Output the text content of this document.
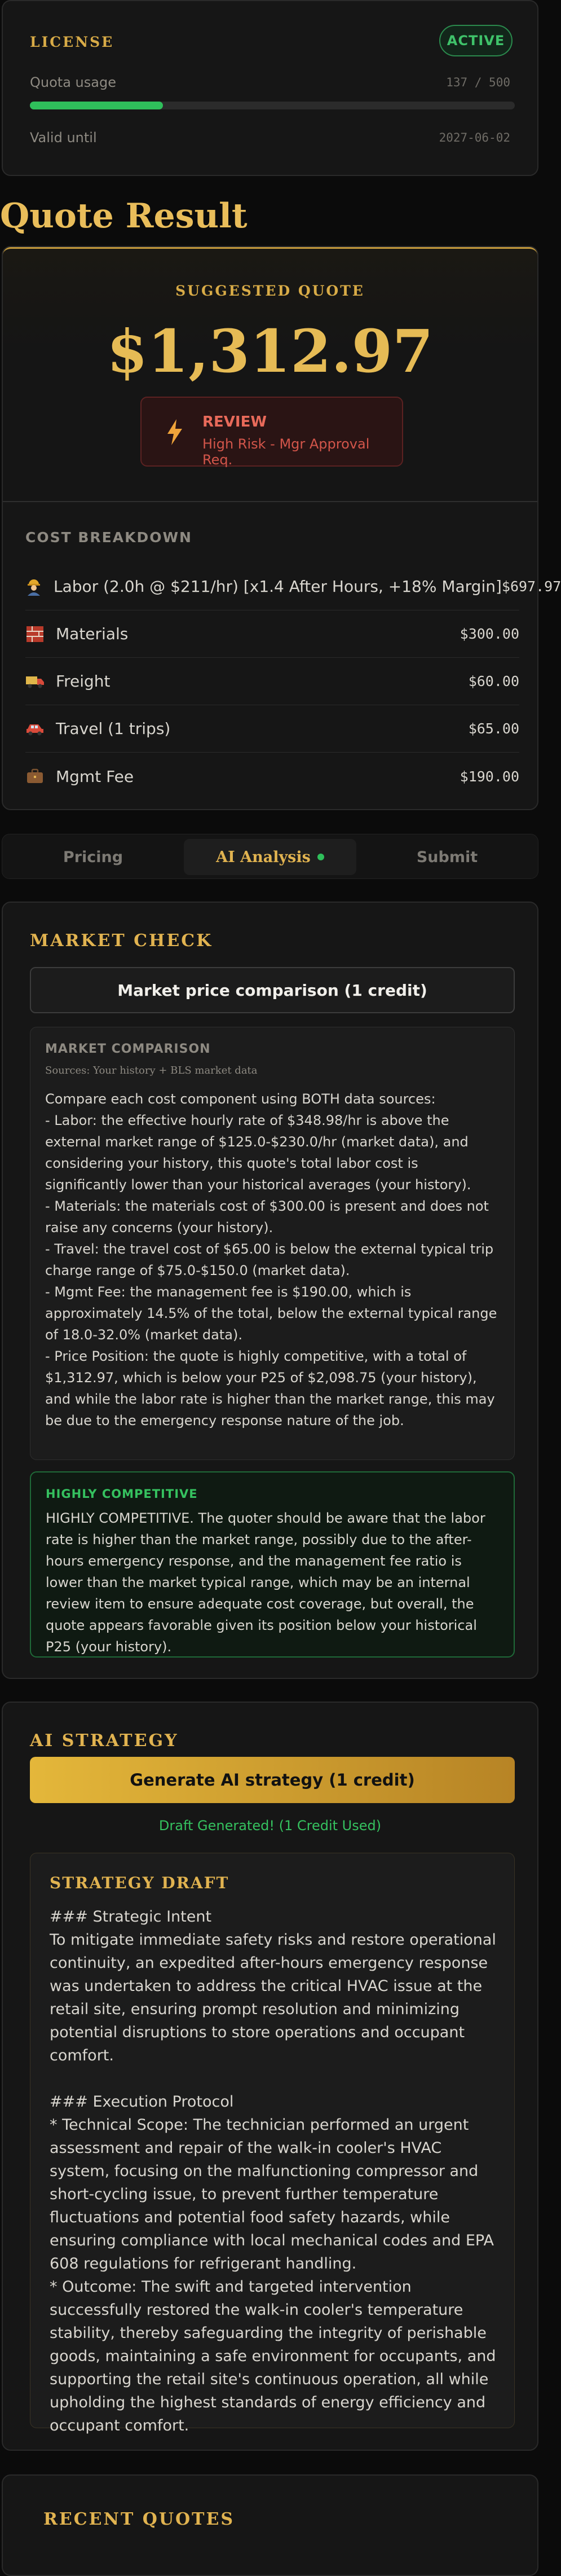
LICENSE	ACTIVE
Quota usage	137 / 500
Valid until	2027-06-02
Quote Result
SUGGESTED QUOTE
$1,312.97
REVIEW
High Risk - Mgr Approval Req.
COST BREAKDOWN
Labor (2.0h @ $211/hr) [x1.4 After Hours, +18% Margin] $697.97
Materials	$300.00
Freight	$60.00
Travel (1 trips)	$65.00
Mgmt Fee	$190.00
Pricing	AI Analysis	Submit
MARKET CHECK
Market price comparison (1 credit)
MARKET COMPARISON
Sources: Your history + BLS market data
Compare each cost component using BOTH data sources:
- Labor: the effective hourly rate of $348.98/hr is above the external market range of $125.0-$230.0/hr (market data), and considering your history, this quote's total labor cost is significantly lower than your historical averages (your history).
- Materials: the materials cost of $300.00 is present and does not raise any concerns (your history).
- Travel: the travel cost of $65.00 is below the external typical trip charge range of $75.0-$150.0 (market data).
- Mgmt Fee: the management fee is $190.00, which is approximately 14.5% of the total, below the external typical range of 18.0-32.0% (market data).
- Price Position: the quote is highly competitive, with a total of $1,312.97, which is below your P25 of $2,098.75 (your history), and while the labor rate is higher than the market range, this may be due to the emergency response nature of the job.
HIGHLY COMPETITIVE
HIGHLY COMPETITIVE. The quoter should be aware that the labor rate is higher than the market range, possibly due to the after-hours emergency response, and the management fee ratio is lower than the market typical range, which may be an internal review item to ensure adequate cost coverage, but overall, the quote appears favorable given its position below your historical P25 (your history).
AI STRATEGY
Generate AI strategy (1 credit)
Draft Generated! (1 Credit Used)
STRATEGY DRAFT
### Strategic Intent
To mitigate immediate safety risks and restore operational continuity, an expedited after-hours emergency response was undertaken to address the critical HVAC issue at the retail site, ensuring prompt resolution and minimizing potential disruptions to store operations and occupant comfort.

### Execution Protocol
* Technical Scope: The technician performed an urgent assessment and repair of the walk-in cooler's HVAC system, focusing on the malfunctioning compressor and short-cycling issue, to prevent further temperature fluctuations and potential food safety hazards, while ensuring compliance with local mechanical codes and EPA 608 regulations for refrigerant handling.
* Outcome: The swift and targeted intervention successfully restored the walk-in cooler's temperature stability, thereby safeguarding the integrity of perishable goods, maintaining a safe environment for occupants, and supporting the retail site's continuous operation, all while upholding the highest standards of energy efficiency and occupant comfort.
RECENT QUOTES
